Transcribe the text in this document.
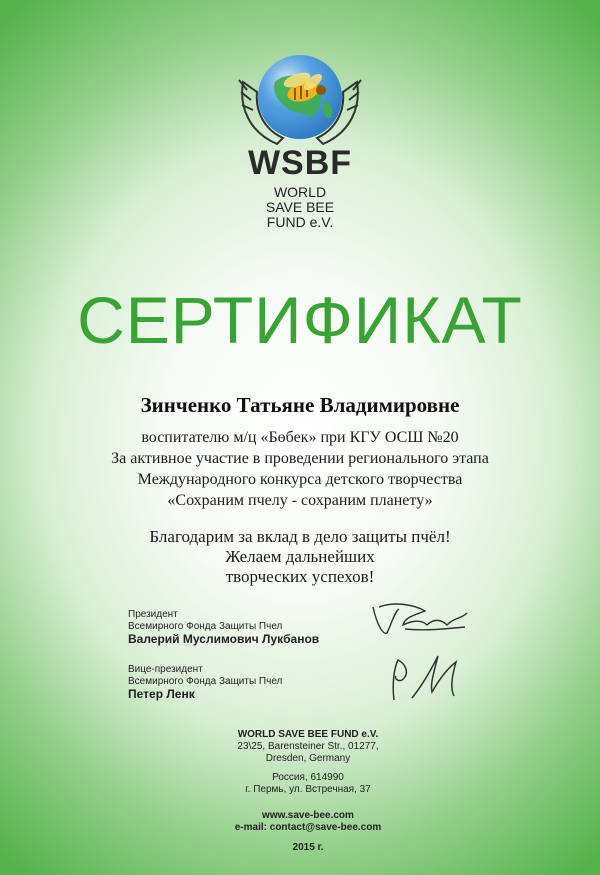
WSBF
WORLD
SAVE BEE
FUND e.V.
СЕРТИФИКАТ
Зинченко Татьяне Владимировне
воспитателю м/ц «Бөбек» при КГУ ОСШ №20
За активное участие в проведении регионального этапа
Международного конкурса детского творчества
«Сохраним пчелу - сохраним планету»
Благодарим за вклад в дело защиты пчёл!
Желаем дальнейших
творческих успехов!
Президент
Всемирного Фонда Защиты Пчел
Валерий Муслимович Лукбанов
Вице-президент
Всемирного Фонда Защиты Пчел
Петер Ленк
WORLD SAVE BEE FUND e.V.
23\25, Barensteiner Str., 01277,
Dresden, Germany
Россия, 614990
г. Пермь, ул. Встречная, 37
www.save-bee.com
e-mail: contact@save-bee.com
2015 г.
